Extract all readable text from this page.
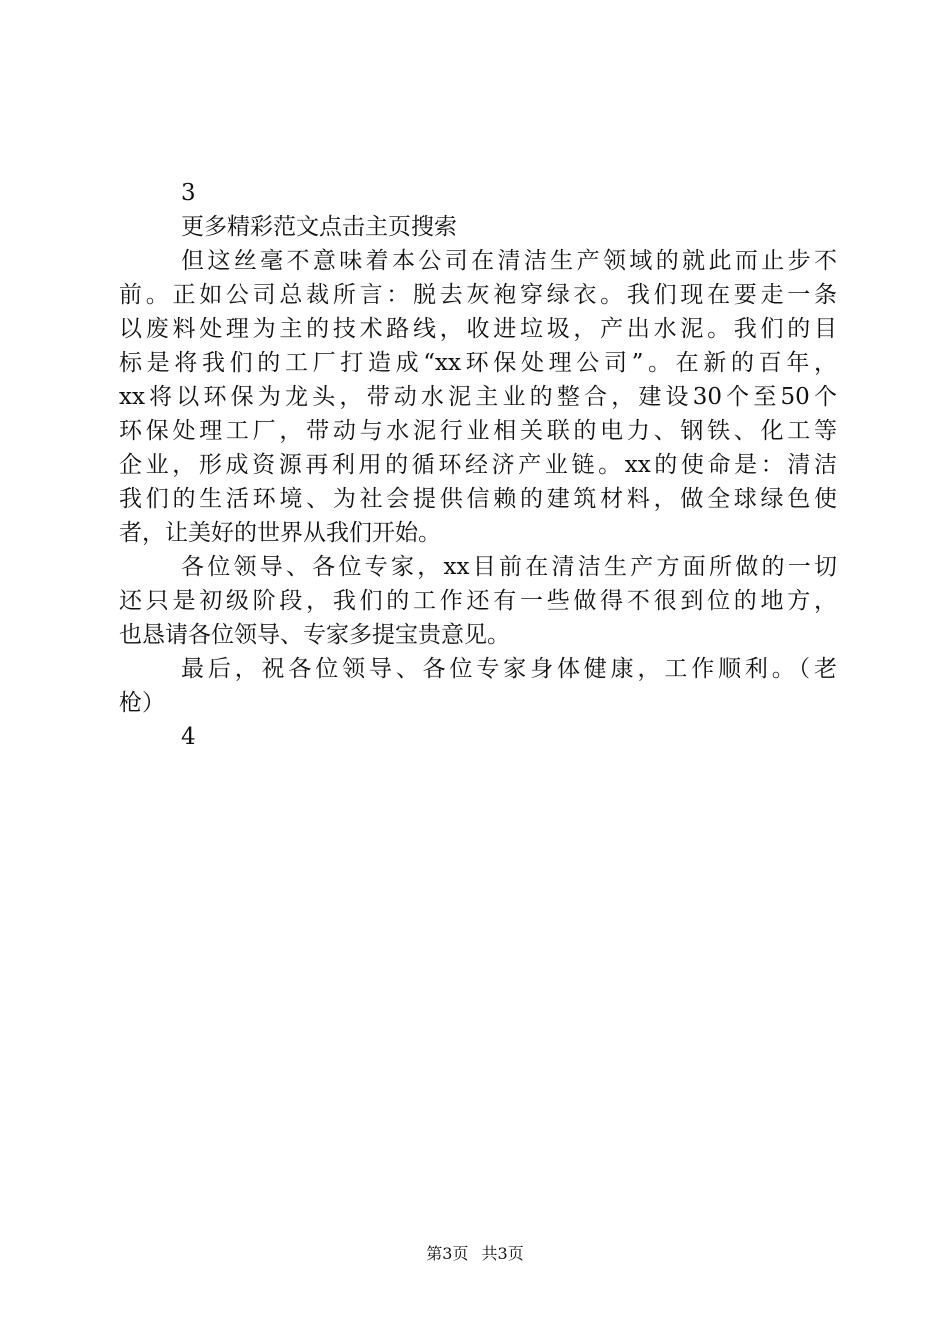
3
更多精彩范文点击主页搜索
但这丝毫不意味着本公司在清洁生产领域的就此而止步不
前。正如公司总裁所言：脱去灰袍穿绿衣。我们现在要走一条
以废料处理为主的技术路线，收进垃圾，产出水泥。我们的目
标是将我们的工厂打造成“xx环保处理公司”。在新的百年，
xx将以环保为龙头，带动水泥主业的整合，建设30个至50个
环保处理工厂，带动与水泥行业相关联的电力、钢铁、化工等
企业，形成资源再利用的循环经济产业链。xx的使命是：清洁
我们的生活环境、为社会提供信赖的建筑材料，做全球绿色使
者，让美好的世界从我们开始。
各位领导、各位专家，xx目前在清洁生产方面所做的一切
还只是初级阶段，我们的工作还有一些做得不很到位的地方，
也恳请各位领导、专家多提宝贵意见。
最后，祝各位领导、各位专家身体健康，工作顺利。（老
枪）
4
第3页 共3页
